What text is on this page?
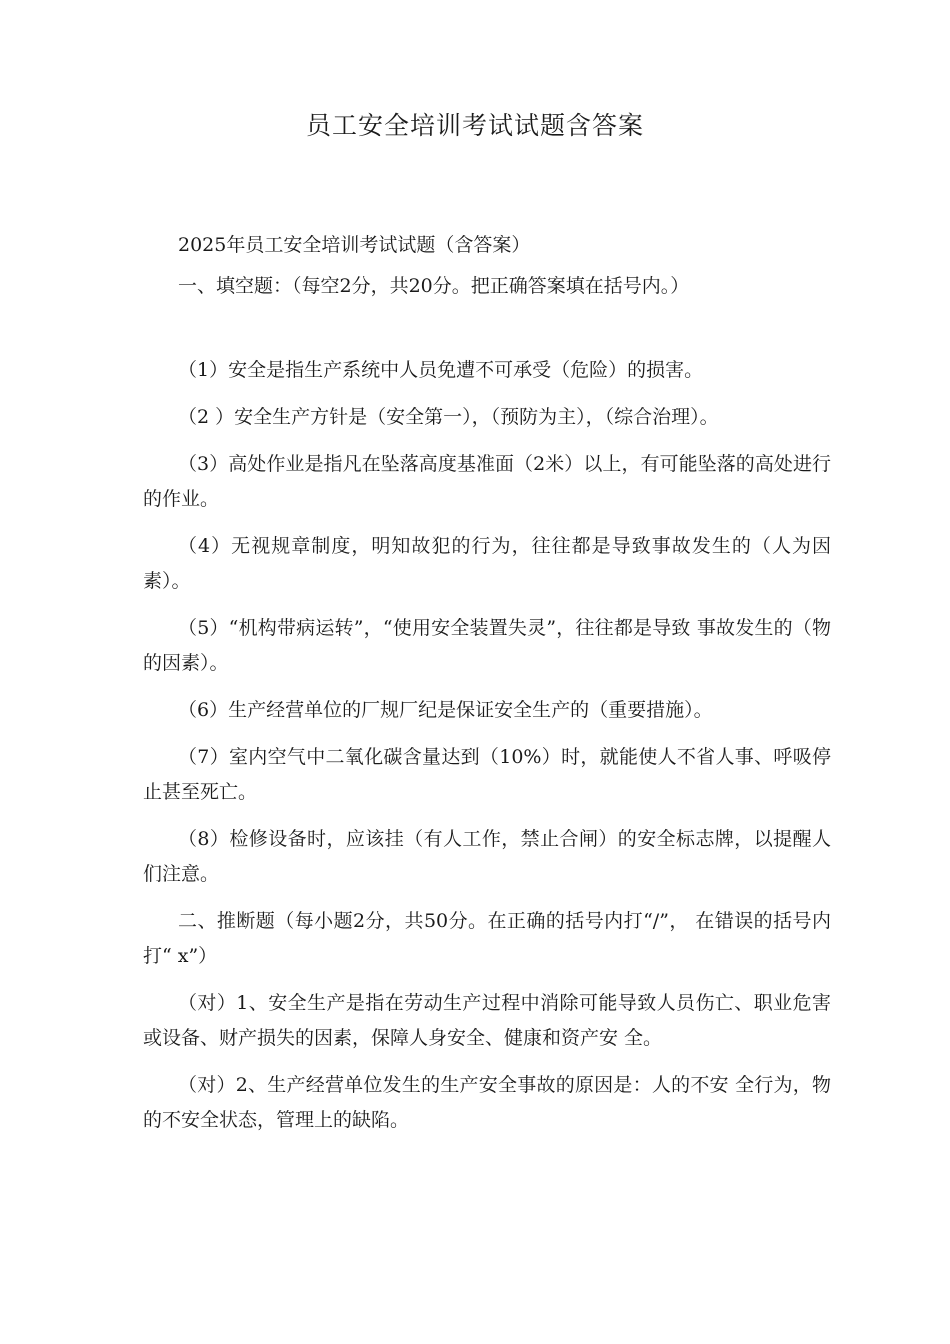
员工安全培训考试试题含答案

2025年员工安全培训考试试题（含答案）

一、填空题：（每空2分，共20分。把正确答案填在括号内。）

（1）安全是指生产系统中人员免遭不可承受（危险）的损害。

（2 ）安全生产方针是（安全第一），（预防为主），（综合治理）。

（3）高处作业是指凡在坠落高度基准面（2米）以上，有可能坠落的高处进行的作业。

（4）无视规章制度，明知故犯的行为，往往都是导致事故发生的（人为因素）。

（5）“机构带病运转”，“使用安全装置失灵”，往往都是导致 事故发生的（物的因素）。

（6）生产经营单位的厂规厂纪是保证安全生产的（重要措施）。

（7）室内空气中二氧化碳含量达到（10%）时，就能使人不省人事、呼吸停止甚至死亡。

（8）检修设备时，应该挂（有人工作，禁止合闸）的安全标志牌，以提醒人们注意。

二、推断题（每小题2分，共50分。在正确的括号内打“/”， 在错误的括号内打“ x”）

（对）1、安全生产是指在劳动生产过程中消除可能导致人员伤亡、职业危害或设备、财产损失的因素，保障人身安全、健康和资产安 全。

（对）2、生产经营单位发生的生产安全事故的原因是：人的不安 全行为，物的不安全状态，管理上的缺陷。
